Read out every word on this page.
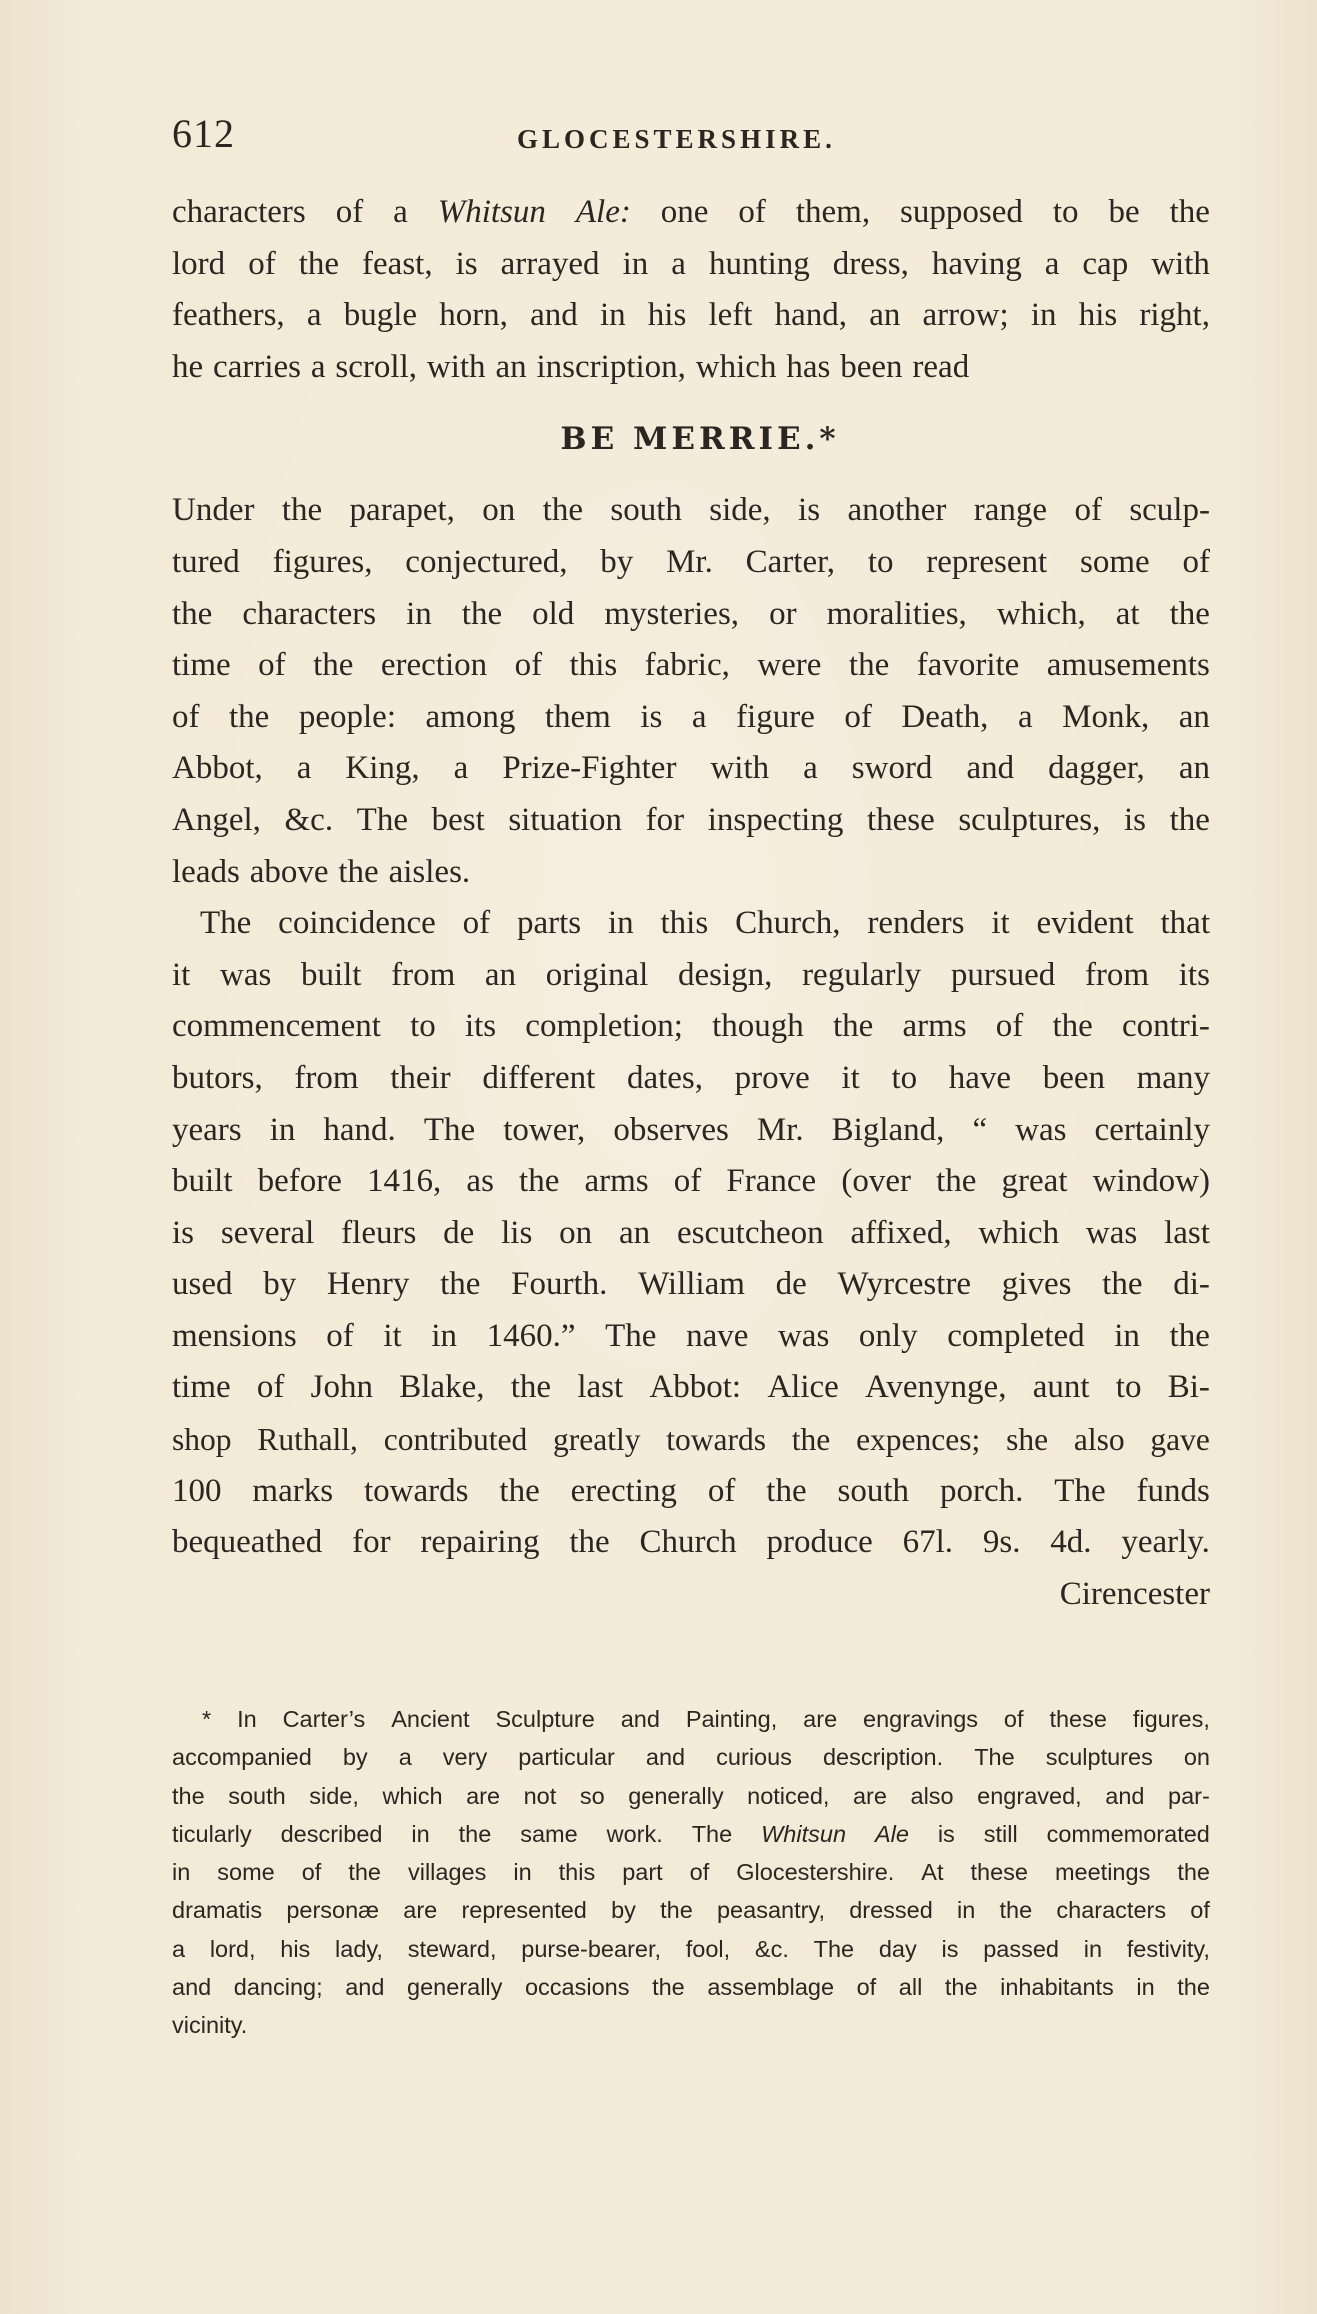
612	GLOCESTERSHIRE.
characters of a Whitsun Ale: one of them, supposed to be the
lord of the feast, is arrayed in a hunting dress, having a cap with
feathers, a bugle horn, and in his left hand, an arrow; in his right,
he carries a scroll, with an inscription, which has been read
BE MERRIE.*
Under the parapet, on the south side, is another range of sculp-
tured figures, conjectured, by Mr. Carter, to represent some of
the characters in the old mysteries, or moralities, which, at the
time of the erection of this fabric, were the favorite amusements
of the people: among them is a figure of Death, a Monk, an
Abbot, a King, a Prize-Fighter with a sword and dagger, an
Angel, &c. The best situation for inspecting these sculptures, is the
leads above the aisles.
The coincidence of parts in this Church, renders it evident that
it was built from an original design, regularly pursued from its
commencement to its completion; though the arms of the contri-
butors, from their different dates, prove it to have been many
years in hand. The tower, observes Mr. Bigland, “ was certainly
built before 1416, as the arms of France (over the great window)
is several fleurs de lis on an escutcheon affixed, which was last
used by Henry the Fourth. William de Wyrcestre gives the di-
mensions of it in 1460.” The nave was only completed in the
time of John Blake, the last Abbot: Alice Avenynge, aunt to Bi-
shop Ruthall, contributed greatly towards the expences; she also gave
100 marks towards the erecting of the south porch. The funds
bequeathed for repairing the Church produce 67l. 9s. 4d. yearly.
Cirencester
* In Carter’s Ancient Sculpture and Painting, are engravings of these figures,
accompanied by a very particular and curious description. The sculptures on
the south side, which are not so generally noticed, are also engraved, and par-
ticularly described in the same work. The Whitsun Ale is still commemorated
in some of the villages in this part of Glocestershire. At these meetings the
dramatis personæ are represented by the peasantry, dressed in the characters of
a lord, his lady, steward, purse-bearer, fool, &c. The day is passed in festivity,
and dancing; and generally occasions the assemblage of all the inhabitants in the
vicinity.
